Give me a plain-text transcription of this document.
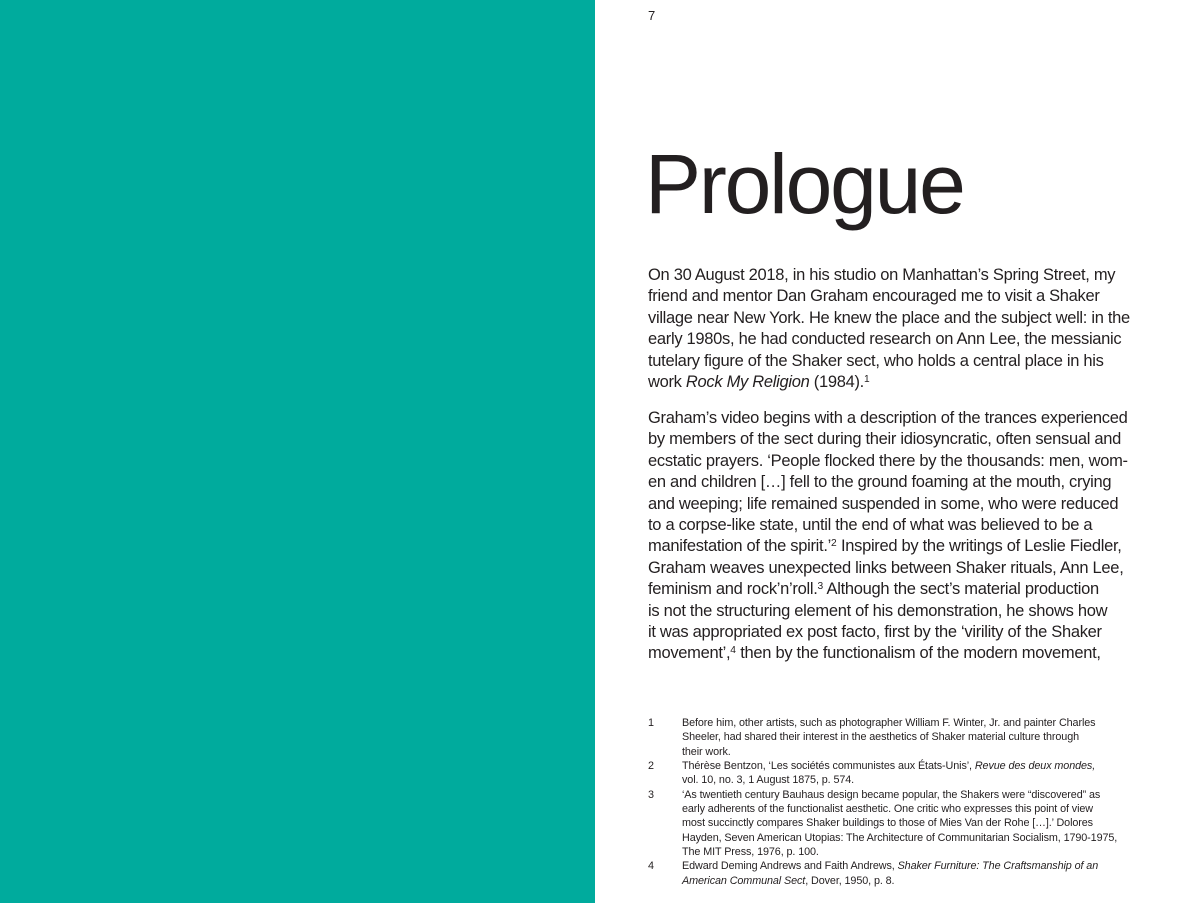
7
Prologue
On 30 August 2018, in his studio on Manhattan’s Spring Street, my
friend and mentor Dan Graham encouraged me to visit a Shaker
village near New York. He knew the place and the subject well: in the
early 1980s, he had conducted research on Ann Lee, the messianic
tutelary figure of the Shaker sect, who holds a central place in his
work Rock My Religion (1984).$^1$
Graham’s video begins with a description of the trances experienced
by members of the sect during their idiosyncratic, often sensual and
ecstatic prayers. ‘People flocked there by the thousands: men, wom-
en and children […] fell to the ground foaming at the mouth, crying
and weeping; life remained suspended in some, who were reduced
to a corpse-like state, until the end of what was believed to be a
manifestation of the spirit.’$^2$ Inspired by the writings of Leslie Fiedler,
Graham weaves unexpected links between Shaker rituals, Ann Lee,
feminism and rock’n’roll.$^3$ Although the sect’s material production
is not the structuring element of his demonstration, he shows how
it was appropriated ex post facto, first by the ‘virility of the Shaker
movement’,$^4$ then by the functionalism of the modern movement,
1	Before him, other artists, such as photographer William F. Winter, Jr. and painter Charles
Sheeler, had shared their interest in the aesthetics of Shaker material culture through
their work.
2	Thérèse Bentzon, ‘Les sociétés communistes aux États-Unis’, Revue des deux mondes,
vol. 10, no. 3, 1 August 1875, p. 574.
3	‘As twentieth century Bauhaus design became popular, the Shakers were “discovered” as
early adherents of the functionalist aesthetic. One critic who expresses this point of view
most succinctly compares Shaker buildings to those of Mies Van der Rohe […].’ Dolores
Hayden, Seven American Utopias: The Architecture of Communitarian Socialism, 1790-1975,
The MIT Press, 1976, p. 100.
4	Edward Deming Andrews and Faith Andrews, Shaker Furniture: The Craftsmanship of an
American Communal Sect, Dover, 1950, p. 8.
